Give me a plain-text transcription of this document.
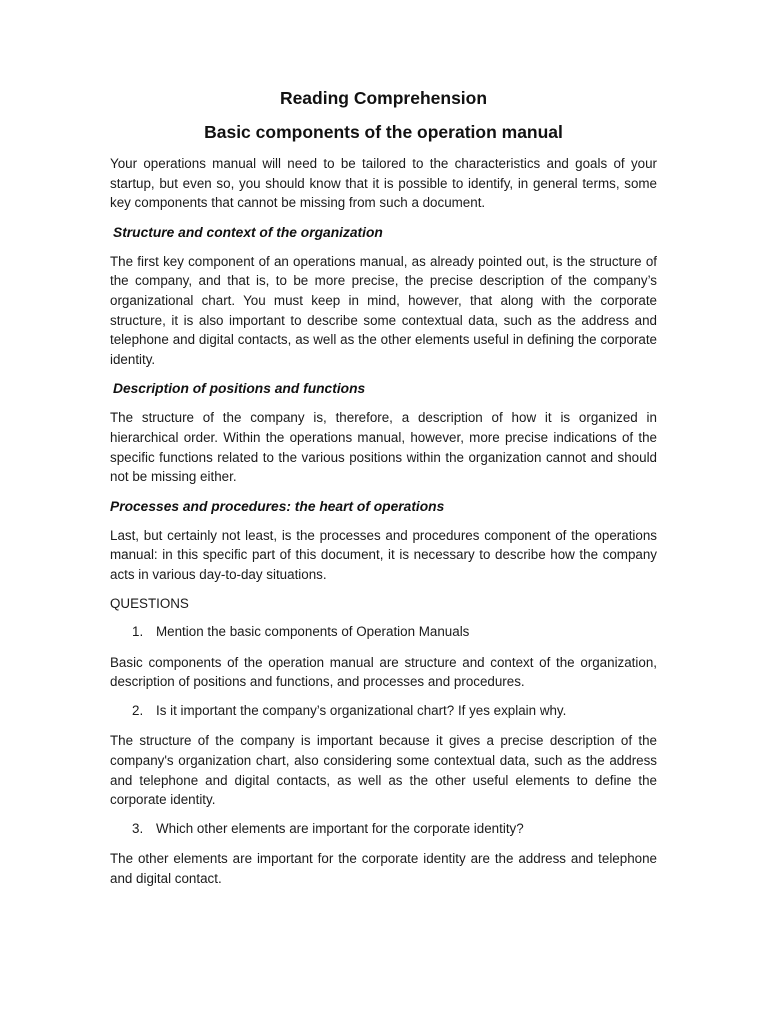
Reading Comprehension
Basic components of the operation manual

Your operations manual will need to be tailored to the characteristics and goals of your startup, but even so, you should know that it is possible to identify, in general terms, some key components that cannot be missing from such a document.

Structure and context of the organization

The first key component of an operations manual, as already pointed out, is the structure of the company, and that is, to be more precise, the precise description of the company’s organizational chart. You must keep in mind, however, that along with the corporate structure, it is also important to describe some contextual data, such as the address and telephone and digital contacts, as well as the other elements useful in defining the corporate identity.

Description of positions and functions

The structure of the company is, therefore, a description of how it is organized in hierarchical order. Within the operations manual, however, more precise indications of the specific functions related to the various positions within the organization cannot and should not be missing either.

Processes and procedures: the heart of operations

Last, but certainly not least, is the processes and procedures component of the operations manual: in this specific part of this document, it is necessary to describe how the company acts in various day-to-day situations.

QUESTIONS
1. Mention the basic components of Operation Manuals

Basic components of the operation manual are structure and context of the organization, description of positions and functions, and processes and procedures.

2. Is it important the company’s organizational chart? If yes explain why.

The structure of the company is important because it gives a precise description of the company's organization chart, also considering some contextual data, such as the address and telephone and digital contacts, as well as the other useful elements to define the corporate identity.

3. Which other elements are important for the corporate identity?

The other elements are important for the corporate identity are the address and telephone and digital contact.
